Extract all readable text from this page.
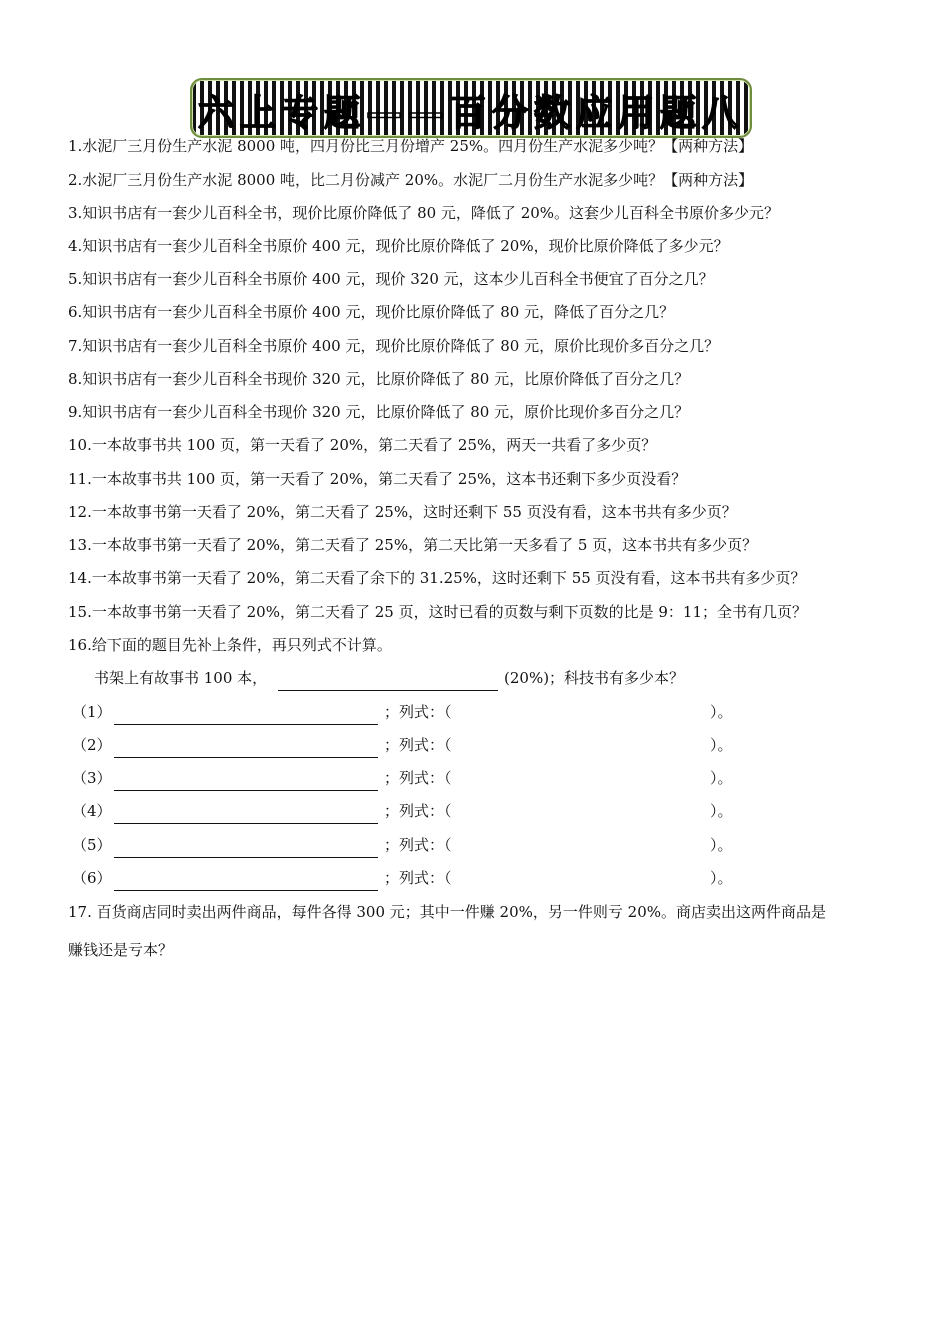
六上专题——百分数应用题八
1.水泥厂三月份生产水泥 8000 吨，四月份比三月份增产 25%。四月份生产水泥多少吨？【两种方法】
2.水泥厂三月份生产水泥 8000 吨，比二月份减产 20%。水泥厂二月份生产水泥多少吨？【两种方法】
3.知识书店有一套少儿百科全书，现价比原价降低了 80 元，降低了 20%。这套少儿百科全书原价多少元？
4.知识书店有一套少儿百科全书原价 400 元，现价比原价降低了 20%，现价比原价降低了多少元？
5.知识书店有一套少儿百科全书原价 400 元，现价 320 元，这本少儿百科全书便宜了百分之几？
6.知识书店有一套少儿百科全书原价 400 元，现价比原价降低了 80 元，降低了百分之几？
7.知识书店有一套少儿百科全书原价 400 元，现价比原价降低了 80 元，原价比现价多百分之几？
8.知识书店有一套少儿百科全书现价 320 元，比原价降低了 80 元，比原价降低了百分之几？
9.知识书店有一套少儿百科全书现价 320 元，比原价降低了 80 元，原价比现价多百分之几？
10.一本故事书共 100 页，第一天看了 20%，第二天看了 25%，两天一共看了多少页？
11.一本故事书共 100 页，第一天看了 20%，第二天看了 25%，这本书还剩下多少页没看？
12.一本故事书第一天看了 20%，第二天看了 25%，这时还剩下 55 页没有看，这本书共有多少页？
13.一本故事书第一天看了 20%，第二天看了 25%，第二天比第一天多看了 5 页，这本书共有多少页？
14.一本故事书第一天看了 20%，第二天看了余下的 31.25%，这时还剩下 55 页没有看，这本书共有多少页？
15.一本故事书第一天看了 20%，第二天看了 25 页，这时已看的页数与剩下页数的比是 9：11；全书有几页？
16.给下面的题目先补上条件，再只列式不计算。
书架上有故事书 100 本，	(20%)；科技书有多少本？
（1）	；列式：（	）。
（2）	；列式：（	）。
（3）	；列式：（	）。
（4）	；列式：（	）。
（5）	；列式：（	）。
（6）	；列式：（	）。
17. 百货商店同时卖出两件商品，每件各得 300 元；其中一件赚 20%，另一件则亏 20%。商店卖出这两件商品是
赚钱还是亏本？
